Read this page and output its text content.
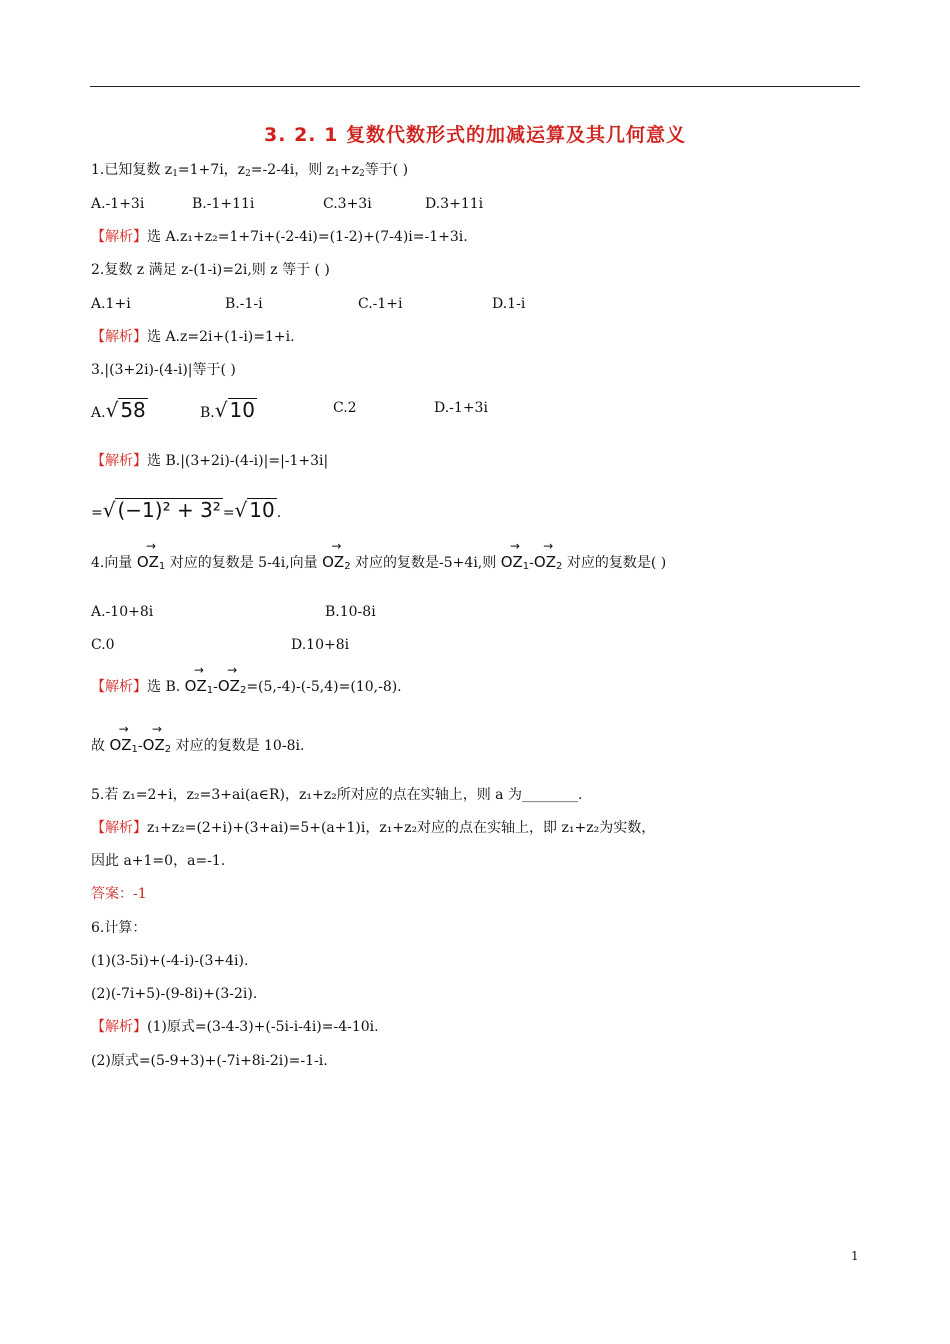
3. 2. 1 复数代数形式的加减运算及其几何意义
1.已知复数 $z_1=1+7i$，$z_2=-2-4i$，则 $z_1+z_2$等于( )
A.-1+3i	B.-1+11i	C.3+3i	D.3+11i
【解析】选 A.z₁+z₂=1+7i+(-2-4i)=(1-2)+(7-4)i=-1+3i.
2.复数 z 满足 z-(1-i)=2i,则 z 等于 ( )
A.1+i	B.-1-i	C.-1+i	D.1-i
【解析】选 A.z=2i+(1-i)=1+i.
3.|(3+2i)-(4-i)|等于( )
A.√ 58	B.√ 10	C.2	D.-1+3i
【解析】选 B.|(3+2i)-(4-i)|=|-1+3i|
=√ (−1)² + 3² =√ 10 .
4.向量
→
$OZ_1$ 对应的复数是 5-4i,向量
→
$OZ_2$ 对应的复数是-5+4i,则
→
$OZ_1-$
→
$OZ_2$ 对应的复数是( )
A.-10+8i	B.10-8i
C.0	D.10+8i
【解析】选 B.
→
$OZ_1-$
→
$OZ_2=(5,-4)-(-5,4)=(10,-8)$.
故
→
$OZ_1-$
→
$OZ_2$ 对应的复数是 10-8i.
5.若 z₁=2+i，z₂=3+ai(a∈R)，z₁+z₂所对应的点在实轴上，则 a 为________.
【解析】z₁+z₂=(2+i)+(3+ai)=5+(a+1)i，z₁+z₂对应的点在实轴上，即 z₁+z₂为实数，
因此 a+1=0，a=-1.
答案：-1
6.计算：
(1)(3-5i)+(-4-i)-(3+4i).
(2)(-7i+5)-(9-8i)+(3-2i).
【解析】(1)原式=(3-4-3)+(-5i-i-4i)=-4-10i.
(2)原式=(5-9+3)+(-7i+8i-2i)=-1-i.
1
